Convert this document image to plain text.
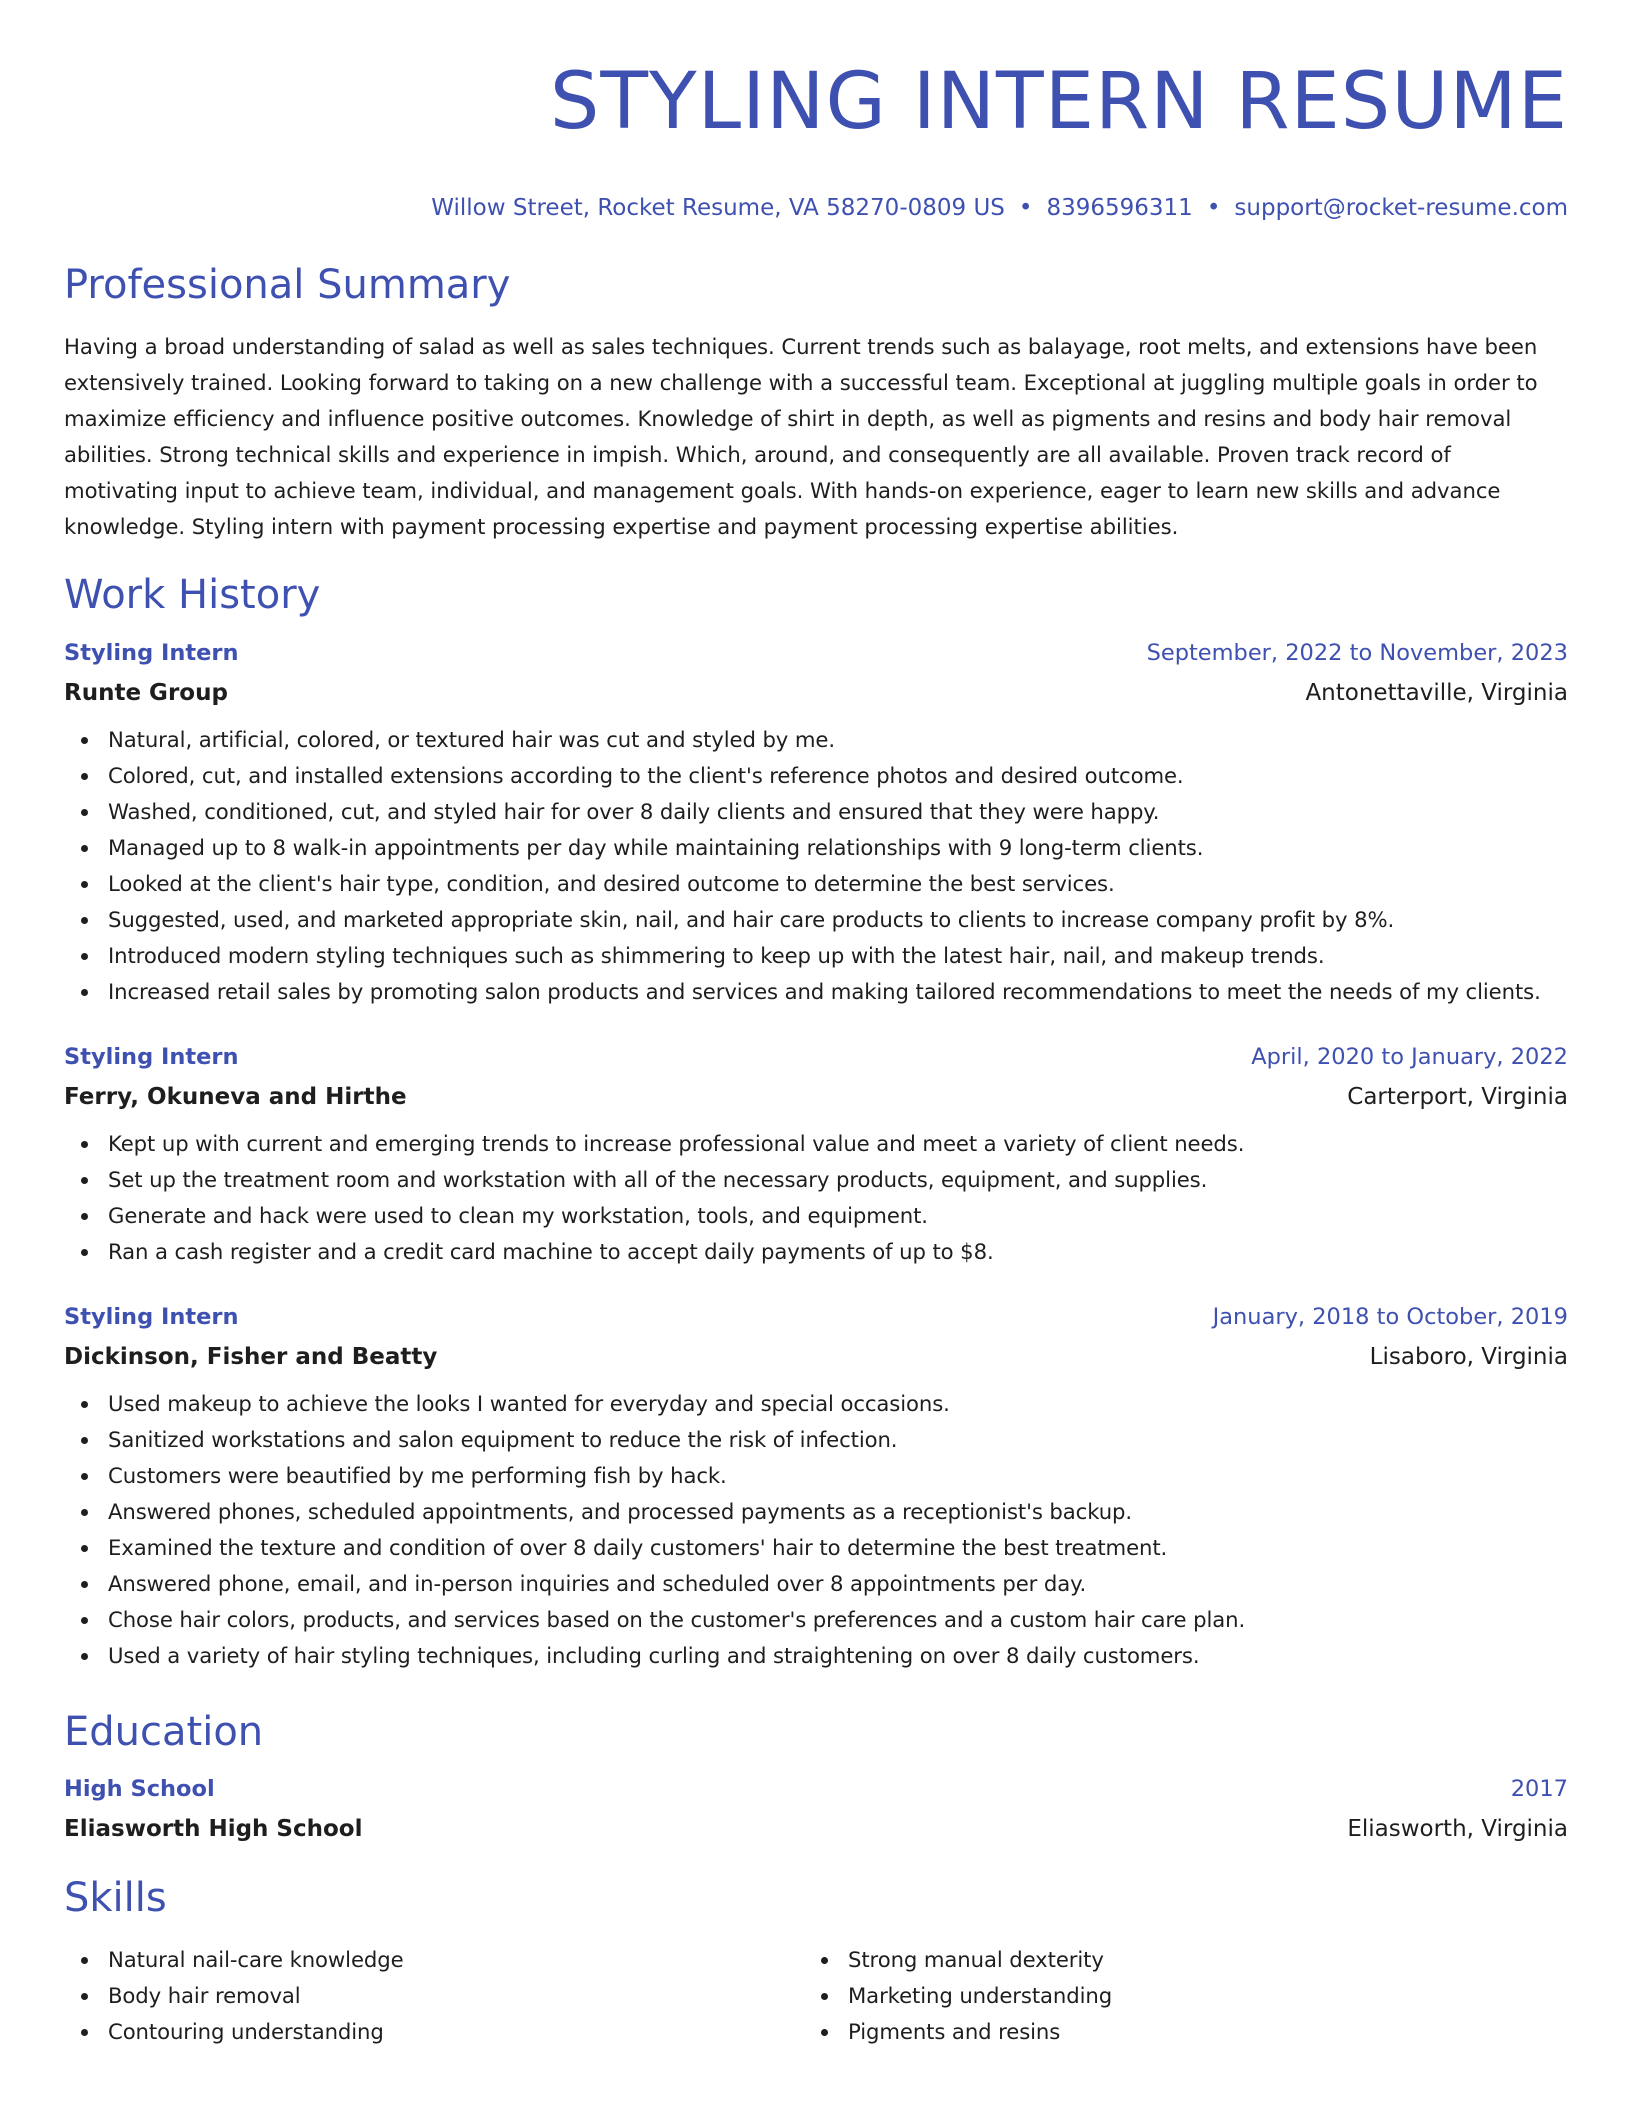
STYLING INTERN RESUME
Willow Street, Rocket Resume, VA 58270-0809 US • 8396596311 • support@rocket-resume.com
Professional Summary
Having a broad understanding of salad as well as sales techniques. Current trends such as balayage, root melts, and extensions have been extensively trained. Looking forward to taking on a new challenge with a successful team. Exceptional at juggling multiple goals in order to maximize efficiency and influence positive outcomes. Knowledge of shirt in depth, as well as pigments and resins and body hair removal abilities. Strong technical skills and experience in impish. Which, around, and consequently are all available. Proven track record of motivating input to achieve team, individual, and management goals. With hands-on experience, eager to learn new skills and advance knowledge. Styling intern with payment processing expertise and payment processing expertise abilities.
Work History
Styling Intern	September, 2022 to November, 2023
Runte Group	Antonettaville, Virginia
Natural, artificial, colored, or textured hair was cut and styled by me.
Colored, cut, and installed extensions according to the client's reference photos and desired outcome.
Washed, conditioned, cut, and styled hair for over 8 daily clients and ensured that they were happy.
Managed up to 8 walk-in appointments per day while maintaining relationships with 9 long-term clients.
Looked at the client's hair type, condition, and desired outcome to determine the best services.
Suggested, used, and marketed appropriate skin, nail, and hair care products to clients to increase company profit by 8%.
Introduced modern styling techniques such as shimmering to keep up with the latest hair, nail, and makeup trends.
Increased retail sales by promoting salon products and services and making tailored recommendations to meet the needs of my clients.
Styling Intern	April, 2020 to January, 2022
Ferry, Okuneva and Hirthe	Carterport, Virginia
Kept up with current and emerging trends to increase professional value and meet a variety of client needs.
Set up the treatment room and workstation with all of the necessary products, equipment, and supplies.
Generate and hack were used to clean my workstation, tools, and equipment.
Ran a cash register and a credit card machine to accept daily payments of up to $8.
Styling Intern	January, 2018 to October, 2019
Dickinson, Fisher and Beatty	Lisaboro, Virginia
Used makeup to achieve the looks I wanted for everyday and special occasions.
Sanitized workstations and salon equipment to reduce the risk of infection.
Customers were beautified by me performing fish by hack.
Answered phones, scheduled appointments, and processed payments as a receptionist's backup.
Examined the texture and condition of over 8 daily customers' hair to determine the best treatment.
Answered phone, email, and in-person inquiries and scheduled over 8 appointments per day.
Chose hair colors, products, and services based on the customer's preferences and a custom hair care plan.
Used a variety of hair styling techniques, including curling and straightening on over 8 daily customers.
Education
High School	2017
Eliasworth High School	Eliasworth, Virginia
Skills
Natural nail-care knowledge
Body hair removal
Contouring understanding
Strong manual dexterity
Marketing understanding
Pigments and resins
